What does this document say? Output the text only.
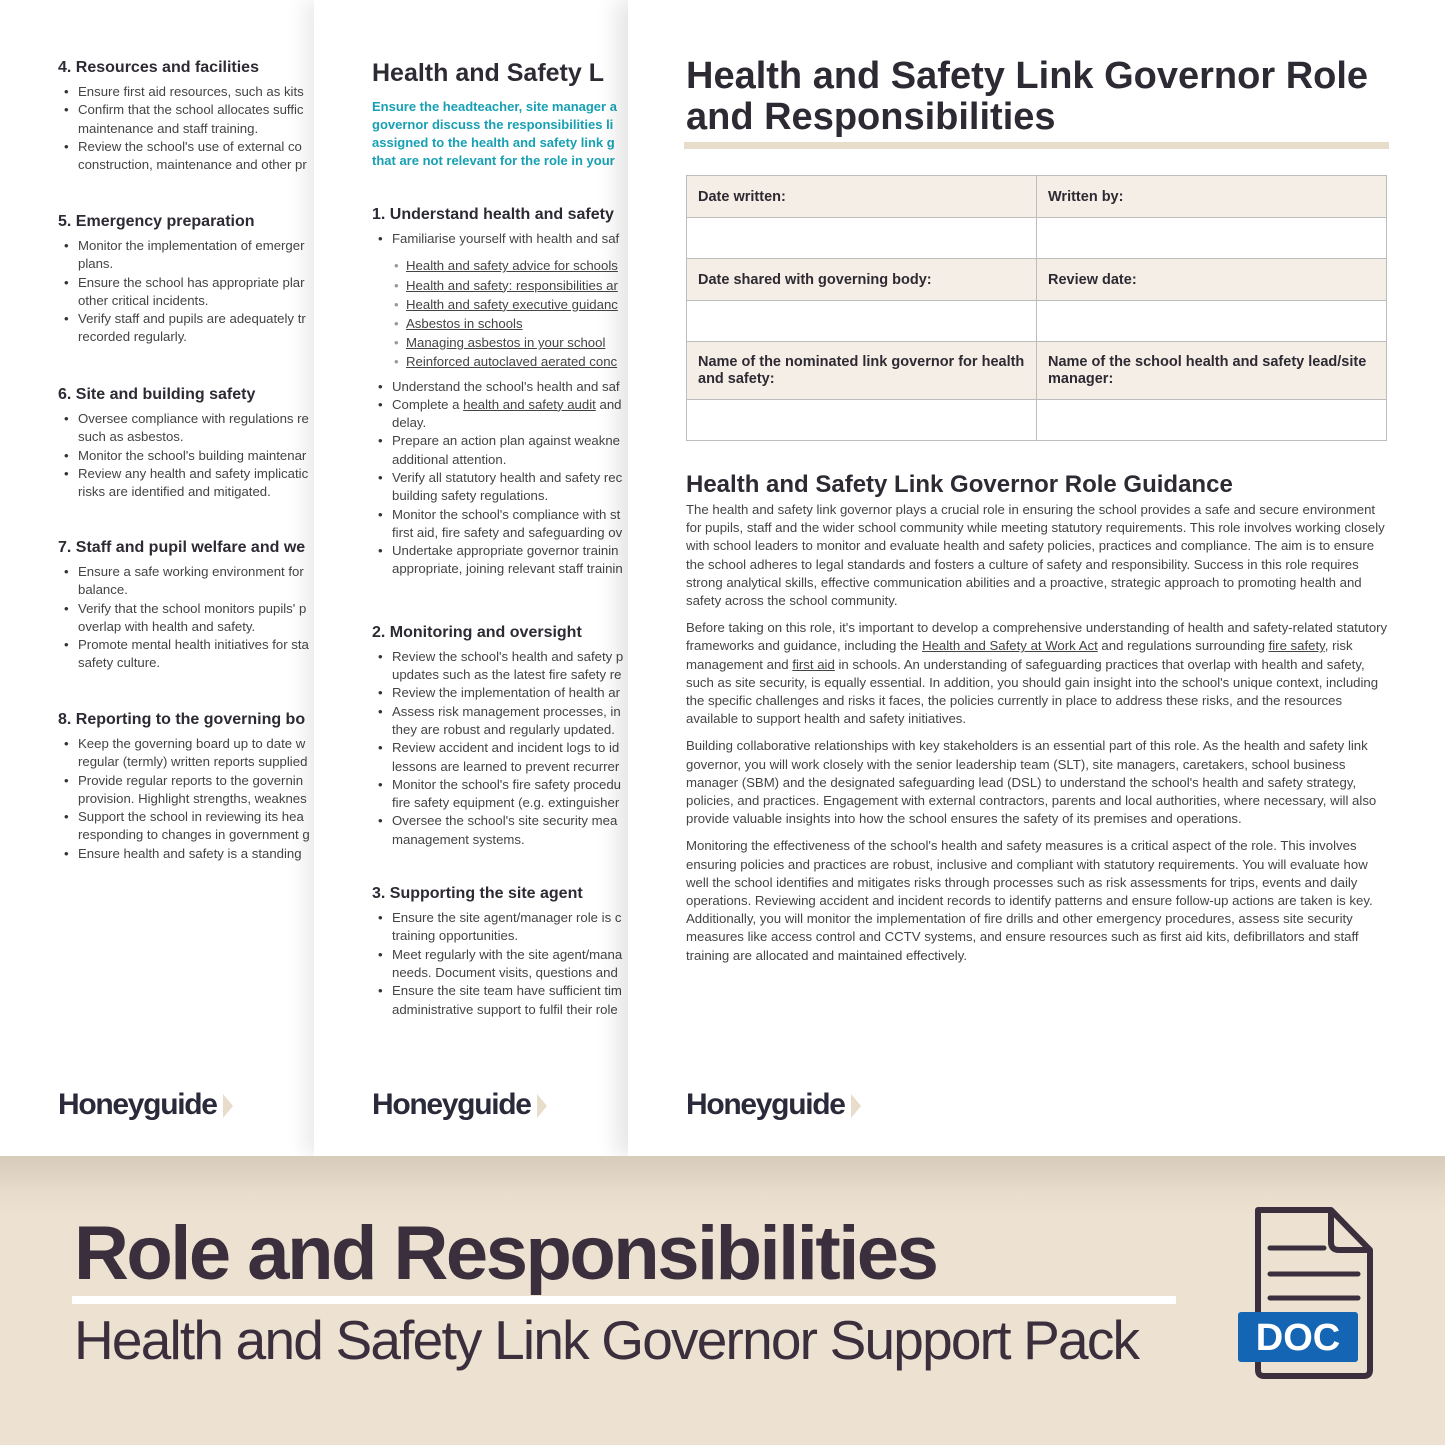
4. Resources and facilities
• Ensure first aid resources, such as kits
• Confirm that the school allocates suffic
maintenance and staff training.
• Review the school's use of external co
construction, maintenance and other pr
5. Emergency preparation
• Monitor the implementation of emerger
plans.
• Ensure the school has appropriate plar
other critical incidents.
• Verify staff and pupils are adequately tr
recorded regularly.
6. Site and building safety
• Oversee compliance with regulations re
such as asbestos.
• Monitor the school's building maintenar
• Review any health and safety implicatic
risks are identified and mitigated.
7. Staff and pupil welfare and we
• Ensure a safe working environment for
balance.
• Verify that the school monitors pupils' p
overlap with health and safety.
• Promote mental health initiatives for sta
safety culture.
8. Reporting to the governing bo
• Keep the governing board up to date w
regular (termly) written reports supplied
• Provide regular reports to the governin
provision. Highlight strengths, weaknes
• Support the school in reviewing its hea
responding to changes in government g
• Ensure health and safety is a standing
Honeyguide
Health and Safety L
Ensure the headteacher, site manager a
governor discuss the responsibilities li
assigned to the health and safety link g
that are not relevant for the role in your
1. Understand health and safety
• Familiarise yourself with health and saf
• Health and safety advice for schools
• Health and safety: responsibilities ar
• Health and safety executive guidanc
• Asbestos in schools
• Managing asbestos in your school
• Reinforced autoclaved aerated conc
• Understand the school's health and saf
• Complete a health and safety audit and
delay.
• Prepare an action plan against weakne
additional attention.
• Verify all statutory health and safety rec
building safety regulations.
• Monitor the school's compliance with st
first aid, fire safety and safeguarding ov
• Undertake appropriate governor trainin
appropriate, joining relevant staff trainin
2. Monitoring and oversight
• Review the school's health and safety p
updates such as the latest fire safety re
• Review the implementation of health ar
• Assess risk management processes, in
they are robust and regularly updated.
• Review accident and incident logs to id
lessons are learned to prevent recurrer
• Monitor the school's fire safety procedu
fire safety equipment (e.g. extinguisher
• Oversee the school's site security mea
management systems.
3. Supporting the site agent
• Ensure the site agent/manager role is c
training opportunities.
• Meet regularly with the site agent/mana
needs. Document visits, questions and
• Ensure the site team have sufficient tim
administrative support to fulfil their role
Honeyguide
Health and Safety Link Governor Role and Responsibilities
Date written:	Written by:

Date shared with governing body:	Review date:

Name of the nominated link governor for health and safety:	Name of the school health and safety lead/site manager:

Health and Safety Link Governor Role Guidance

The health and safety link governor plays a crucial role in ensuring the school provides a safe and secure environment for pupils, staff and the wider school community while meeting statutory requirements. This role involves working closely with school leaders to monitor and evaluate health and safety policies, practices and compliance. The aim is to ensure the school adheres to legal standards and fosters a culture of safety and responsibility. Success in this role requires strong analytical skills, effective communication abilities and a proactive, strategic approach to promoting health and safety across the school community.

Before taking on this role, it's important to develop a comprehensive understanding of health and safety-related statutory frameworks and guidance, including the Health and Safety at Work Act and regulations surrounding fire safety, risk management and first aid in schools. An understanding of safeguarding practices that overlap with health and safety, such as site security, is equally essential. In addition, you should gain insight into the school's unique context, including the specific challenges and risks it faces, the policies currently in place to address these risks, and the resources available to support health and safety initiatives.

Building collaborative relationships with key stakeholders is an essential part of this role. As the health and safety link governor, you will work closely with the senior leadership team (SLT), site managers, caretakers, school business manager (SBM) and the designated safeguarding lead (DSL) to understand the school's health and safety strategy, policies, and practices. Engagement with external contractors, parents and local authorities, where necessary, will also provide valuable insights into how the school ensures the safety of its premises and operations.

Monitoring the effectiveness of the school's health and safety measures is a critical aspect of the role. This involves ensuring policies and practices are robust, inclusive and compliant with statutory requirements. You will evaluate how well the school identifies and mitigates risks through processes such as risk assessments for trips, events and daily operations. Reviewing accident and incident records to identify patterns and ensure follow-up actions are taken is key. Additionally, you will monitor the implementation of fire drills and other emergency procedures, assess site security measures like access control and CCTV systems, and ensure resources such as first aid kits, defibrillators and staff training are allocated and maintained effectively.

Honeyguide
Role and Responsibilities
Health and Safety Link Governor Support Pack	DOC
